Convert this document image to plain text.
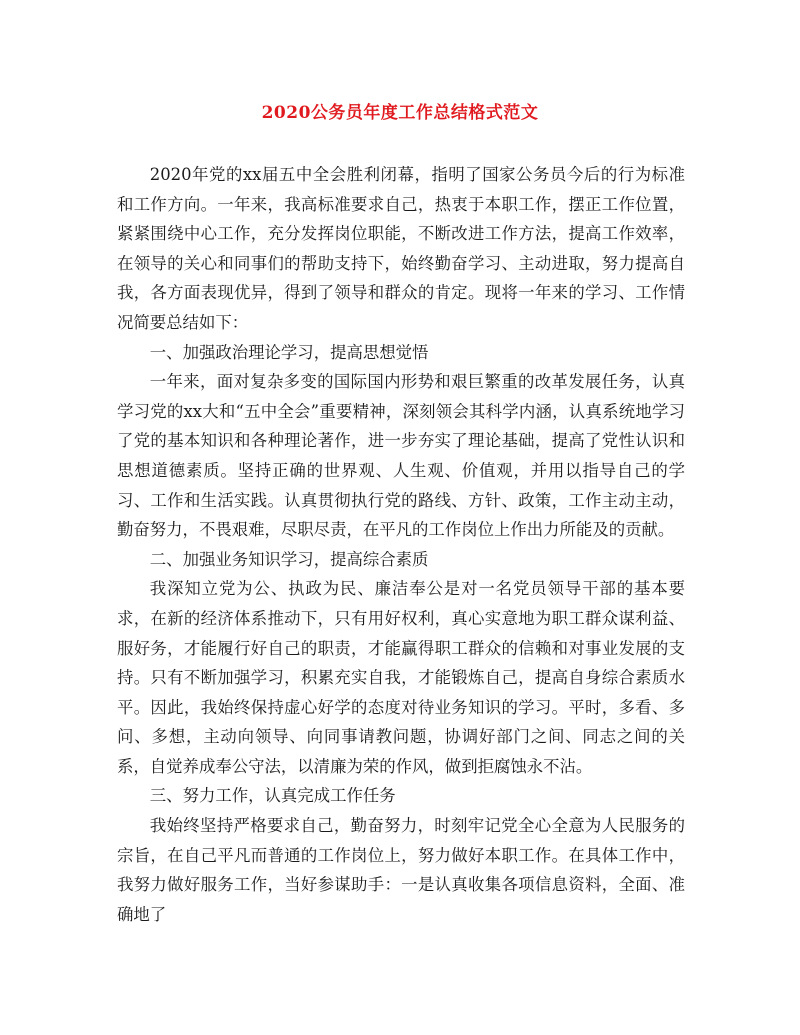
2020公务员年度工作总结格式范文

2020年党的xx届五中全会胜利闭幕，指明了国家公务员今后的行为标准和工作方向。一年来，我高标准要求自己，热衷于本职工作，摆正工作位置，紧紧围绕中心工作，充分发挥岗位职能，不断改进工作方法，提高工作效率，在领导的关心和同事们的帮助支持下，始终勤奋学习、主动进取，努力提高自我，各方面表现优异，得到了领导和群众的肯定。现将一年来的学习、工作情况简要总结如下：

一、加强政治理论学习，提高思想觉悟

一年来，面对复杂多变的国际国内形势和艰巨繁重的改革发展任务，认真学习党的xx大和“五中全会”重要精神，深刻领会其科学内涵，认真系统地学习了党的基本知识和各种理论著作，进一步夯实了理论基础，提高了党性认识和思想道德素质。坚持正确的世界观、人生观、价值观，并用以指导自己的学习、工作和生活实践。认真贯彻执行党的路线、方针、政策，工作主动主动，勤奋努力，不畏艰难，尽职尽责，在平凡的工作岗位上作出力所能及的贡献。

二、加强业务知识学习，提高综合素质

我深知立党为公、执政为民、廉洁奉公是对一名党员领导干部的基本要求，在新的经济体系推动下，只有用好权利，真心实意地为职工群众谋利益、服好务，才能履行好自己的职责，才能赢得职工群众的信赖和对事业发展的支持。只有不断加强学习，积累充实自我，才能锻炼自己，提高自身综合素质水平。因此，我始终保持虚心好学的态度对待业务知识的学习。平时，多看、多问、多想，主动向领导、向同事请教问题，协调好部门之间、同志之间的关系，自觉养成奉公守法，以清廉为荣的作风，做到拒腐蚀永不沾。

三、努力工作，认真完成工作任务

我始终坚持严格要求自己，勤奋努力，时刻牢记党全心全意为人民服务的宗旨，在自己平凡而普通的工作岗位上，努力做好本职工作。在具体工作中，我努力做好服务工作，当好参谋助手：一是认真收集各项信息资料，全面、准确地了
